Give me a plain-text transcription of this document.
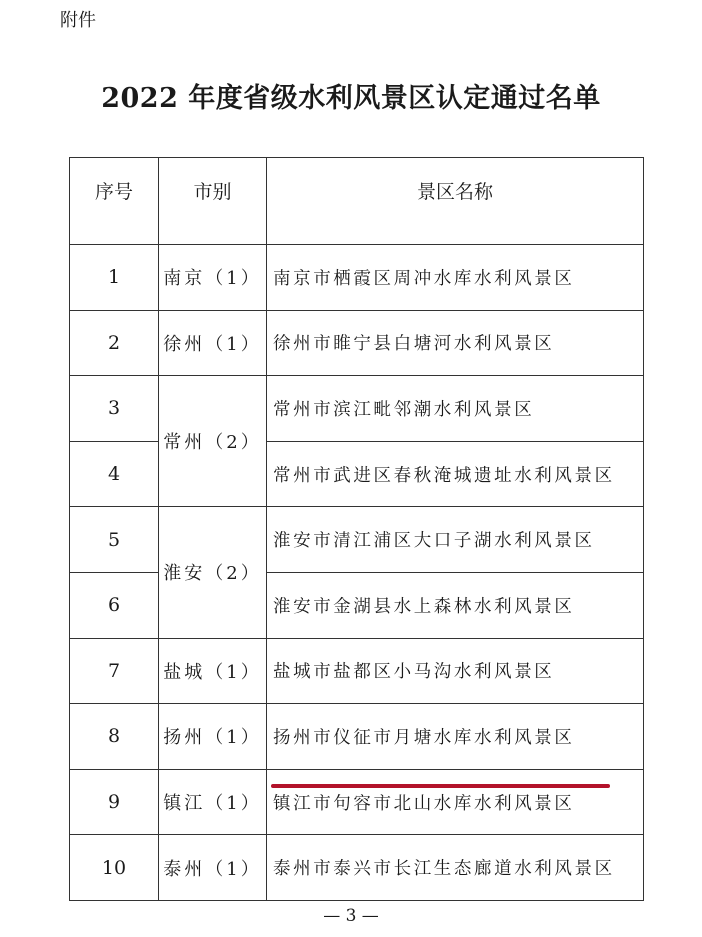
附件
2022 年度省级水利风景区认定通过名单
序号	市别	景区名称
1	南京（1）	南京市栖霞区周冲水库水利风景区
2	徐州（1）	徐州市睢宁县白塘河水利风景区
3	常州（2）	常州市滨江毗邻潮水利风景区
4		常州市武进区春秋淹城遗址水利风景区
5	淮安（2）	淮安市清江浦区大口子湖水利风景区
6		淮安市金湖县水上森林水利风景区
7	盐城（1）	盐城市盐都区小马沟水利风景区
8	扬州（1）	扬州市仪征市月塘水库水利风景区
9	镇江（1）	镇江市句容市北山水库水利风景区
10	泰州（1）	泰州市泰兴市长江生态廊道水利风景区
— 3 —
